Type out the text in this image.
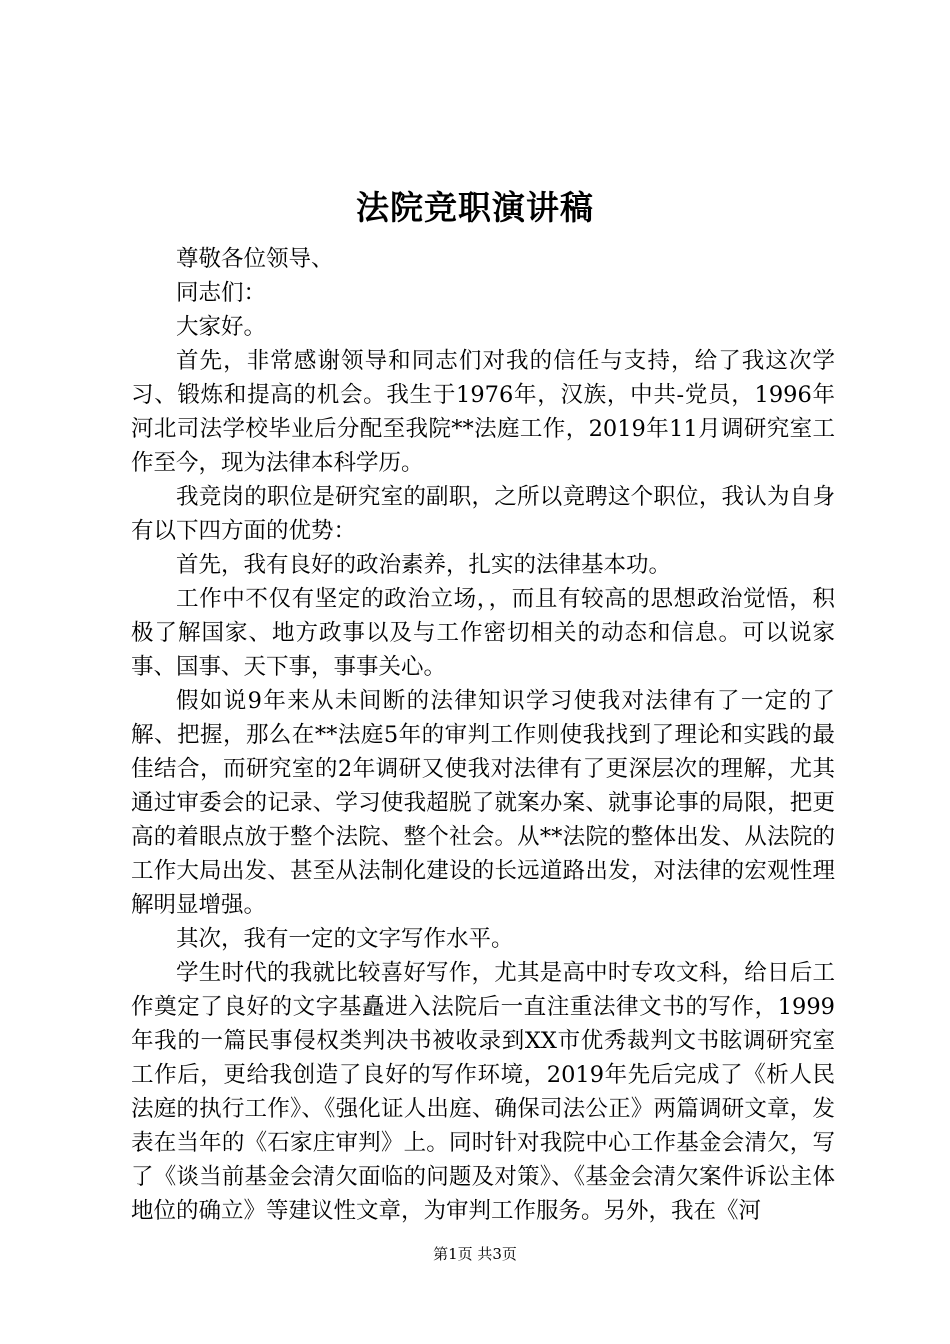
法院竞职演讲稿

尊敬各位领导、

同志们：

大家好。

首先，非常感谢领导和同志们对我的信任与支持，给了我这次学习、锻炼和提高的机会。我生于1976年，汉族，中共-党员，1996年河北司法学校毕业后分配至我院**法庭工作，2019年11月调研究室工作至今，现为法律本科学历。

我竞岗的职位是研究室的副职，之所以竟聘这个职位，我认为自身有以下四方面的优势：

首先，我有良好的政治素养，扎实的法律基本功。

工作中不仅有坚定的政治立场，，而且有较高的思想政治觉悟，积极了解国家、地方政事以及与工作密切相关的动态和信息。可以说家事、国事、天下事，事事关心。

假如说9年来从未间断的法律知识学习使我对法律有了一定的了解、把握，那么在**法庭5年的审判工作则使我找到了理论和实践的最佳结合，而研究室的2年调研又使我对法律有了更深层次的理解，尤其通过审委会的记录、学习使我超脱了就案办案、就事论事的局限，把更高的着眼点放于整个法院、整个社会。从**法院的整体出发、从法院的工作大局出发、甚至从法制化建设的长远道路出发，对法律的宏观性理解明显增强。

其次，我有一定的文字写作水平。

学生时代的我就比较喜好写作，尤其是高中时专攻文科，给日后工作奠定了良好的文字基矗进入法院后一直注重法律文书的写作，1999年我的一篇民事侵权类判决书被收录到XX市优秀裁判文书眩调研究室工作后，更给我创造了良好的写作环境，2019年先后完成了《析人民法庭的执行工作》、《强化证人出庭、确保司法公正》两篇调研文章，发表在当年的《石家庄审判》上。同时针对我院中心工作基金会清欠，写了《谈当前基金会清欠面临的问题及对策》、《基金会清欠案件诉讼主体地位的确立》等建议性文章，为审判工作服务。另外，我在《河

第1页 共3页
